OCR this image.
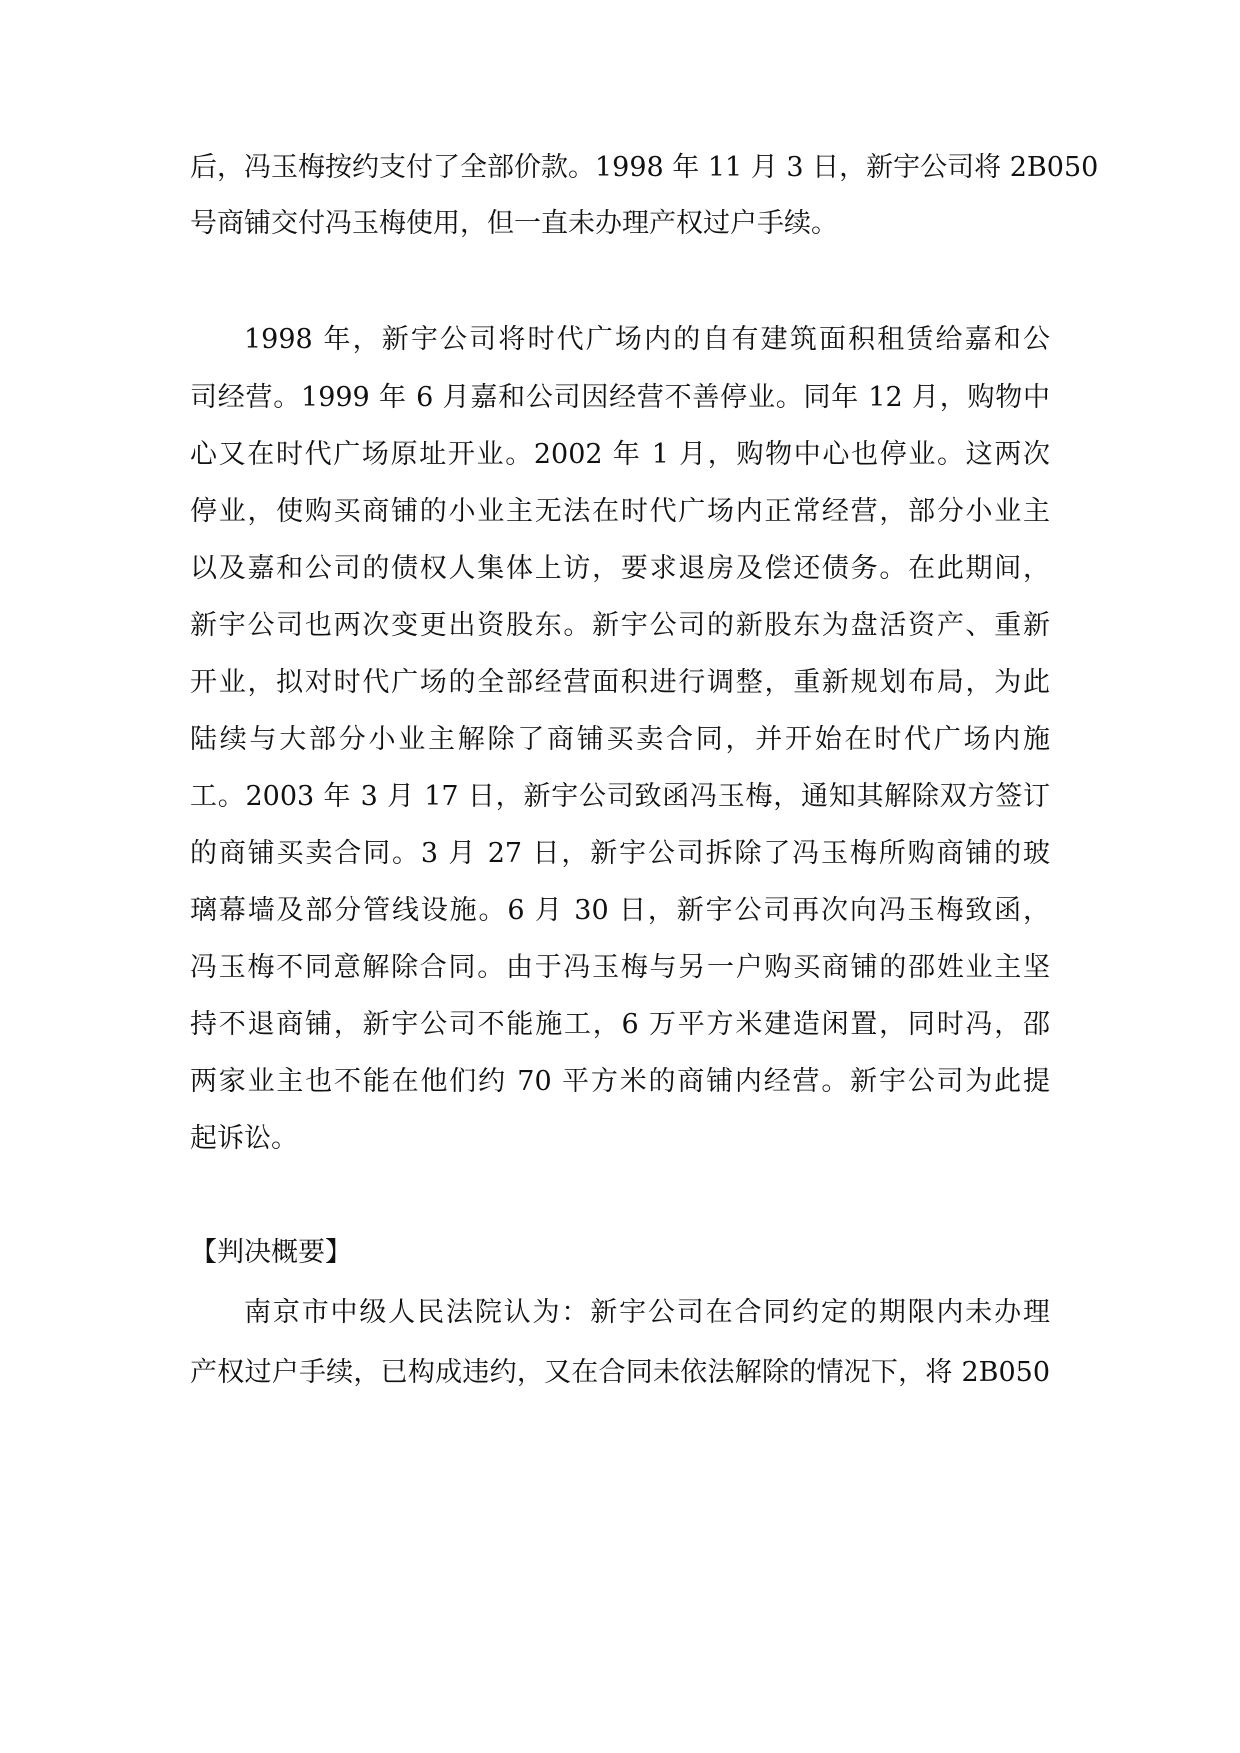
后，冯玉梅按约支付了全部价款。1998 年 11 月 3 日，新宇公司将 2B050
号商铺交付冯玉梅使用，但一直未办理产权过户手续。
1998 年，新宇公司将时代广场内的自有建筑面积租赁给嘉和公
司经营。1999 年 6 月嘉和公司因经营不善停业。同年 12 月，购物中
心又在时代广场原址开业。2002 年 1 月，购物中心也停业。这两次
停业，使购买商铺的小业主无法在时代广场内正常经营，部分小业主
以及嘉和公司的债权人集体上访，要求退房及偿还债务。在此期间，
新宇公司也两次变更出资股东。新宇公司的新股东为盘活资产、重新
开业，拟对时代广场的全部经营面积进行调整，重新规划布局，为此
陆续与大部分小业主解除了商铺买卖合同，并开始在时代广场内施
工。2003 年 3 月 17 日，新宇公司致函冯玉梅，通知其解除双方签订
的商铺买卖合同。3 月 27 日，新宇公司拆除了冯玉梅所购商铺的玻
璃幕墙及部分管线设施。6 月 30 日，新宇公司再次向冯玉梅致函，
冯玉梅不同意解除合同。由于冯玉梅与另一户购买商铺的邵姓业主坚
持不退商铺，新宇公司不能施工，6 万平方米建造闲置，同时冯，邵
两家业主也不能在他们约 70 平方米的商铺内经营。新宇公司为此提
起诉讼。
【判决概要】
南京市中级人民法院认为：新宇公司在合同约定的期限内未办理
产权过户手续，已构成违约，又在合同未依法解除的情况下，将 2B050
